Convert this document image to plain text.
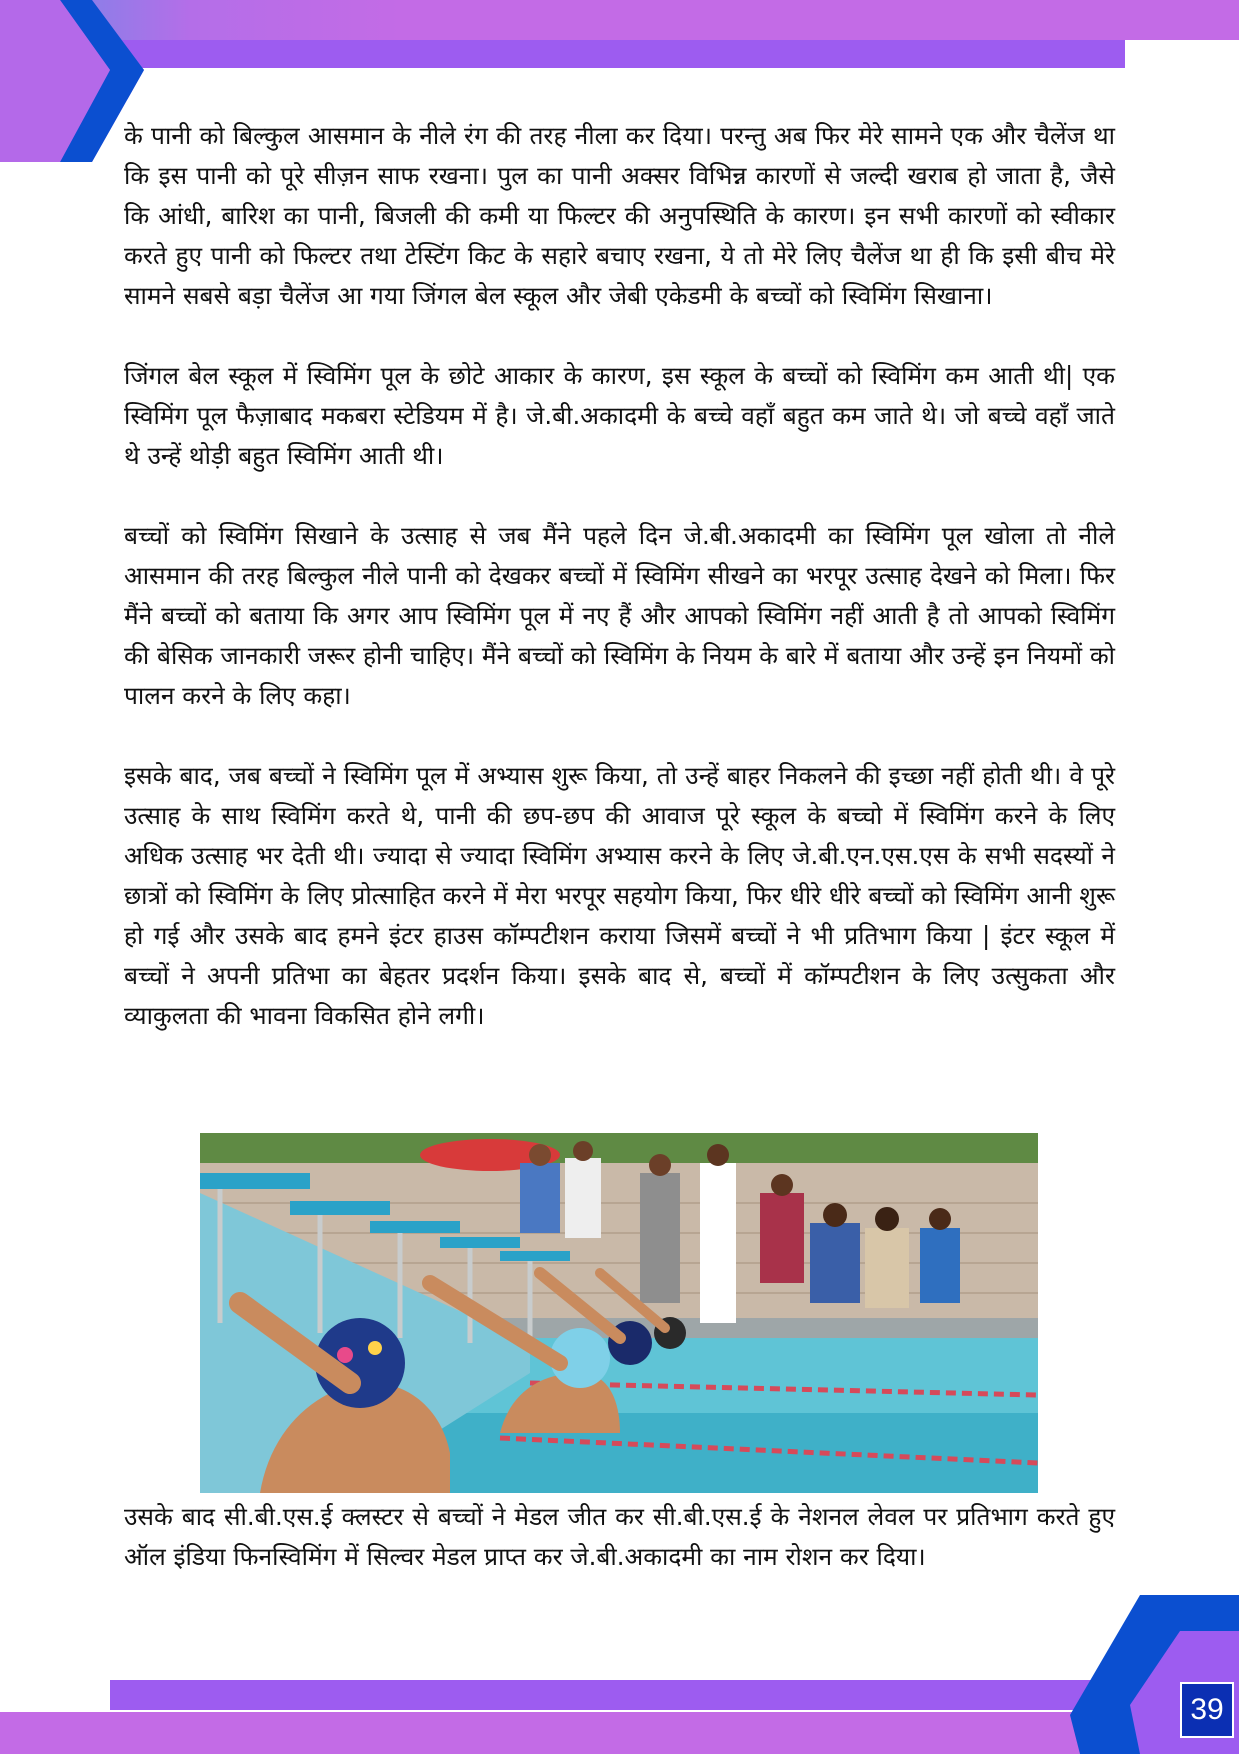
के पानी को बिल्कुल आसमान के नीले रंग की तरह नीला कर दिया। परन्तु अब फिर मेरे सामने एक और चैलेंज था कि इस पानी को पूरे सीज़न साफ रखना। पुल का पानी अक्सर विभिन्न कारणों से जल्दी खराब हो जाता है, जैसे कि आंधी, बारिश का पानी, बिजली की कमी या फिल्टर की अनुपस्थिति के कारण। इन सभी कारणों को स्वीकार करते हुए पानी को फिल्टर तथा टेस्टिंग किट के सहारे बचाए रखना, ये तो मेरे लिए चैलेंज था ही कि इसी बीच मेरे सामने सबसे बड़ा चैलेंज आ गया जिंगल बेल स्कूल और जेबी एकेडमी के बच्चों को स्विमिंग सिखाना।

जिंगल बेल स्कूल में स्विमिंग पूल के छोटे आकार के कारण, इस स्कूल के बच्चों को स्विमिंग कम आती थी| एक स्विमिंग पूल फैज़ाबाद मकबरा स्टेडियम में है। जे.बी.अकादमी के बच्चे वहाँ बहुत कम जाते थे। जो बच्चे वहाँ जाते थे उन्हें थोड़ी बहुत स्विमिंग आती थी।

बच्चों को स्विमिंग सिखाने के उत्साह से जब मैंने पहले दिन जे.बी.अकादमी का स्विमिंग पूल खोला तो नीले आसमान की तरह बिल्कुल नीले पानी को देखकर बच्चों में स्विमिंग सीखने का भरपूर उत्साह देखने को मिला। फिर मैंने बच्चों को बताया कि अगर आप स्विमिंग पूल में नए हैं और आपको स्विमिंग नहीं आती है तो आपको स्विमिंग की बेसिक जानकारी जरूर होनी चाहिए। मैंने बच्चों को स्विमिंग के नियम के बारे में बताया और उन्हें इन नियमों को पालन करने के लिए कहा।

इसके बाद, जब बच्चों ने स्विमिंग पूल में अभ्यास शुरू किया, तो उन्हें बाहर निकलने की इच्छा नहीं होती थी। वे पूरे उत्साह के साथ स्विमिंग करते थे, पानी की छप-छप की आवाज पूरे स्कूल के बच्चो में स्विमिंग करने के लिए अधिक उत्साह भर देती थी। ज्यादा से ज्यादा स्विमिंग अभ्यास करने के लिए जे.बी.एन.एस.एस के सभी सदस्यों ने छात्रों को स्विमिंग के लिए प्रोत्साहित करने में मेरा भरपूर सहयोग किया, फिर धीरे धीरे बच्चों को स्विमिंग आनी शुरू हो गई और उसके बाद हमने इंटर हाउस कॉम्पटीशन कराया जिसमें बच्चों ने भी प्रतिभाग किया | इंटर स्कूल में बच्चों ने अपनी प्रतिभा का बेहतर प्रदर्शन किया। इसके बाद से, बच्चों में कॉम्पटीशन के लिए उत्सुकता और व्याकुलता की भावना विकसित होने लगी।

उसके बाद सी.बी.एस.ई क्लस्टर से बच्चों ने मेडल जीत कर सी.बी.एस.ई के नेशनल लेवल पर प्रतिभाग करते हुए ऑल इंडिया फिनस्विमिंग में सिल्वर मेडल प्राप्त कर जे.बी.अकादमी का नाम रोशन कर दिया।

39
